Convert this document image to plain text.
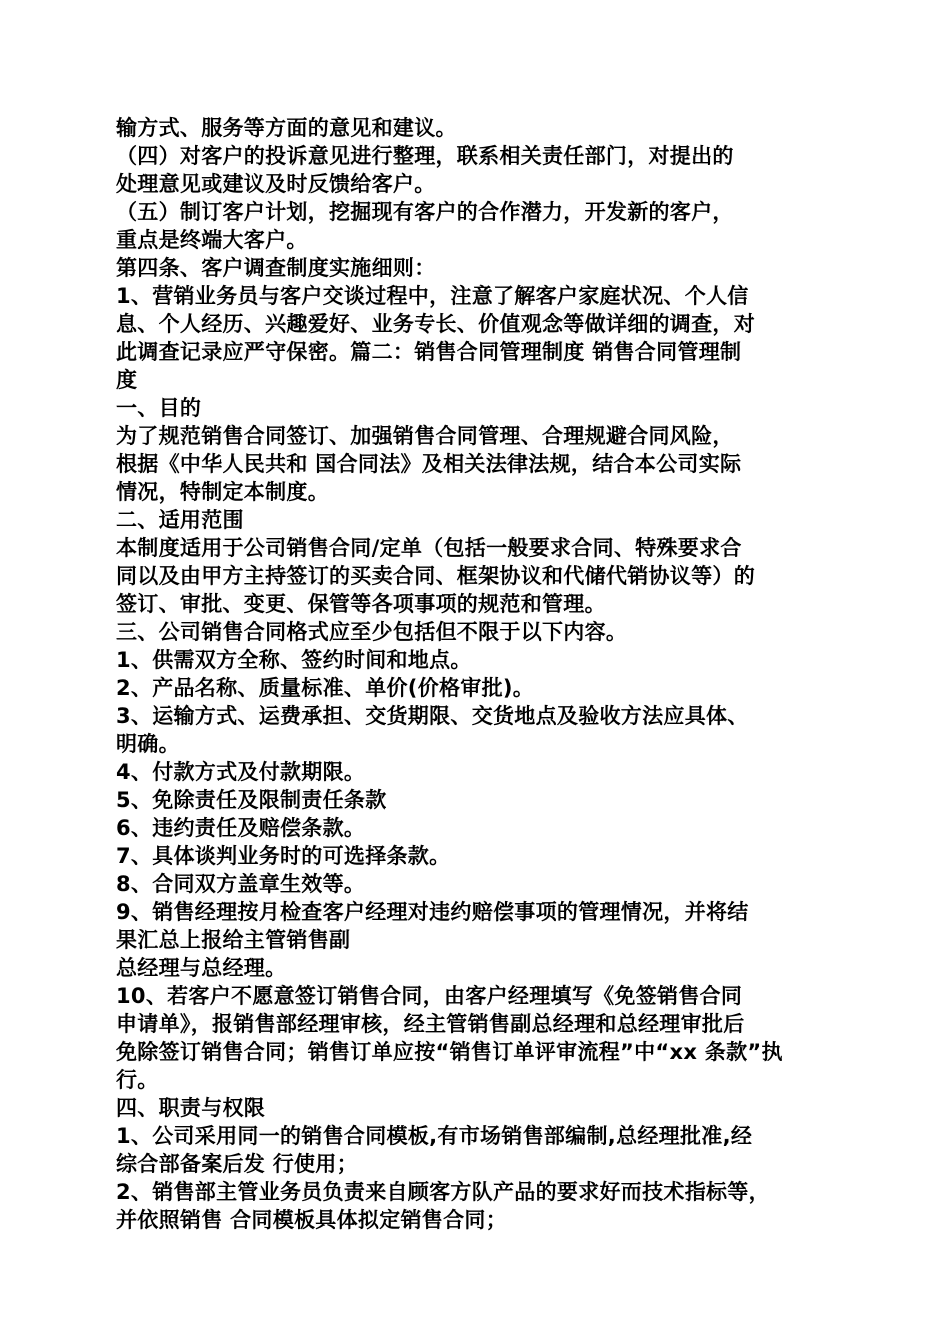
输方式、服务等方面的意见和建议。
（四）对客户的投诉意见进行整理，联系相关责任部门，对提出的
处理意见或建议及时反馈给客户。
（五）制订客户计划，挖掘现有客户的合作潜力，开发新的客户，
重点是终端大客户。
第四条、客户调查制度实施细则：
1、营销业务员与客户交谈过程中，注意了解客户家庭状况、个人信
息、个人经历、兴趣爱好、业务专长、价值观念等做详细的调查，对
此调查记录应严守保密。篇二：销售合同管理制度 销售合同管理制
度
一、目的
为了规范销售合同签订、加强销售合同管理、合理规避合同风险，
根据《中华人民共和 国合同法》及相关法律法规，结合本公司实际
情况，特制定本制度。
二、适用范围
本制度适用于公司销售合同/定单（包括一般要求合同、特殊要求合
同以及由甲方主持签订的买卖合同、框架协议和代储代销协议等）的
签订、审批、变更、保管等各项事项的规范和管理。
三、公司销售合同格式应至少包括但不限于以下内容。
1、供需双方全称、签约时间和地点。
2、产品名称、质量标准、单价(价格审批)。
3、运输方式、运费承担、交货期限、交货地点及验收方法应具体、
明确。
4、付款方式及付款期限。
5、免除责任及限制责任条款
6、违约责任及赔偿条款。
7、具体谈判业务时的可选择条款。
8、合同双方盖章生效等。
9、销售经理按月检查客户经理对违约赔偿事项的管理情况，并将结
果汇总上报给主管销售副
总经理与总经理。
10、若客户不愿意签订销售合同，由客户经理填写《免签销售合同
申请单》，报销售部经理审核，经主管销售副总经理和总经理审批后
免除签订销售合同；销售订单应按“销售订单评审流程”中“xx 条款”执
行。
四、职责与权限
1、公司采用同一的销售合同模板,有市场销售部编制,总经理批准,经
综合部备案后发 行使用；
2、销售部主管业务员负责来自顾客方队产品的要求好而技术指标等，
并依照销售 合同模板具体拟定销售合同；
